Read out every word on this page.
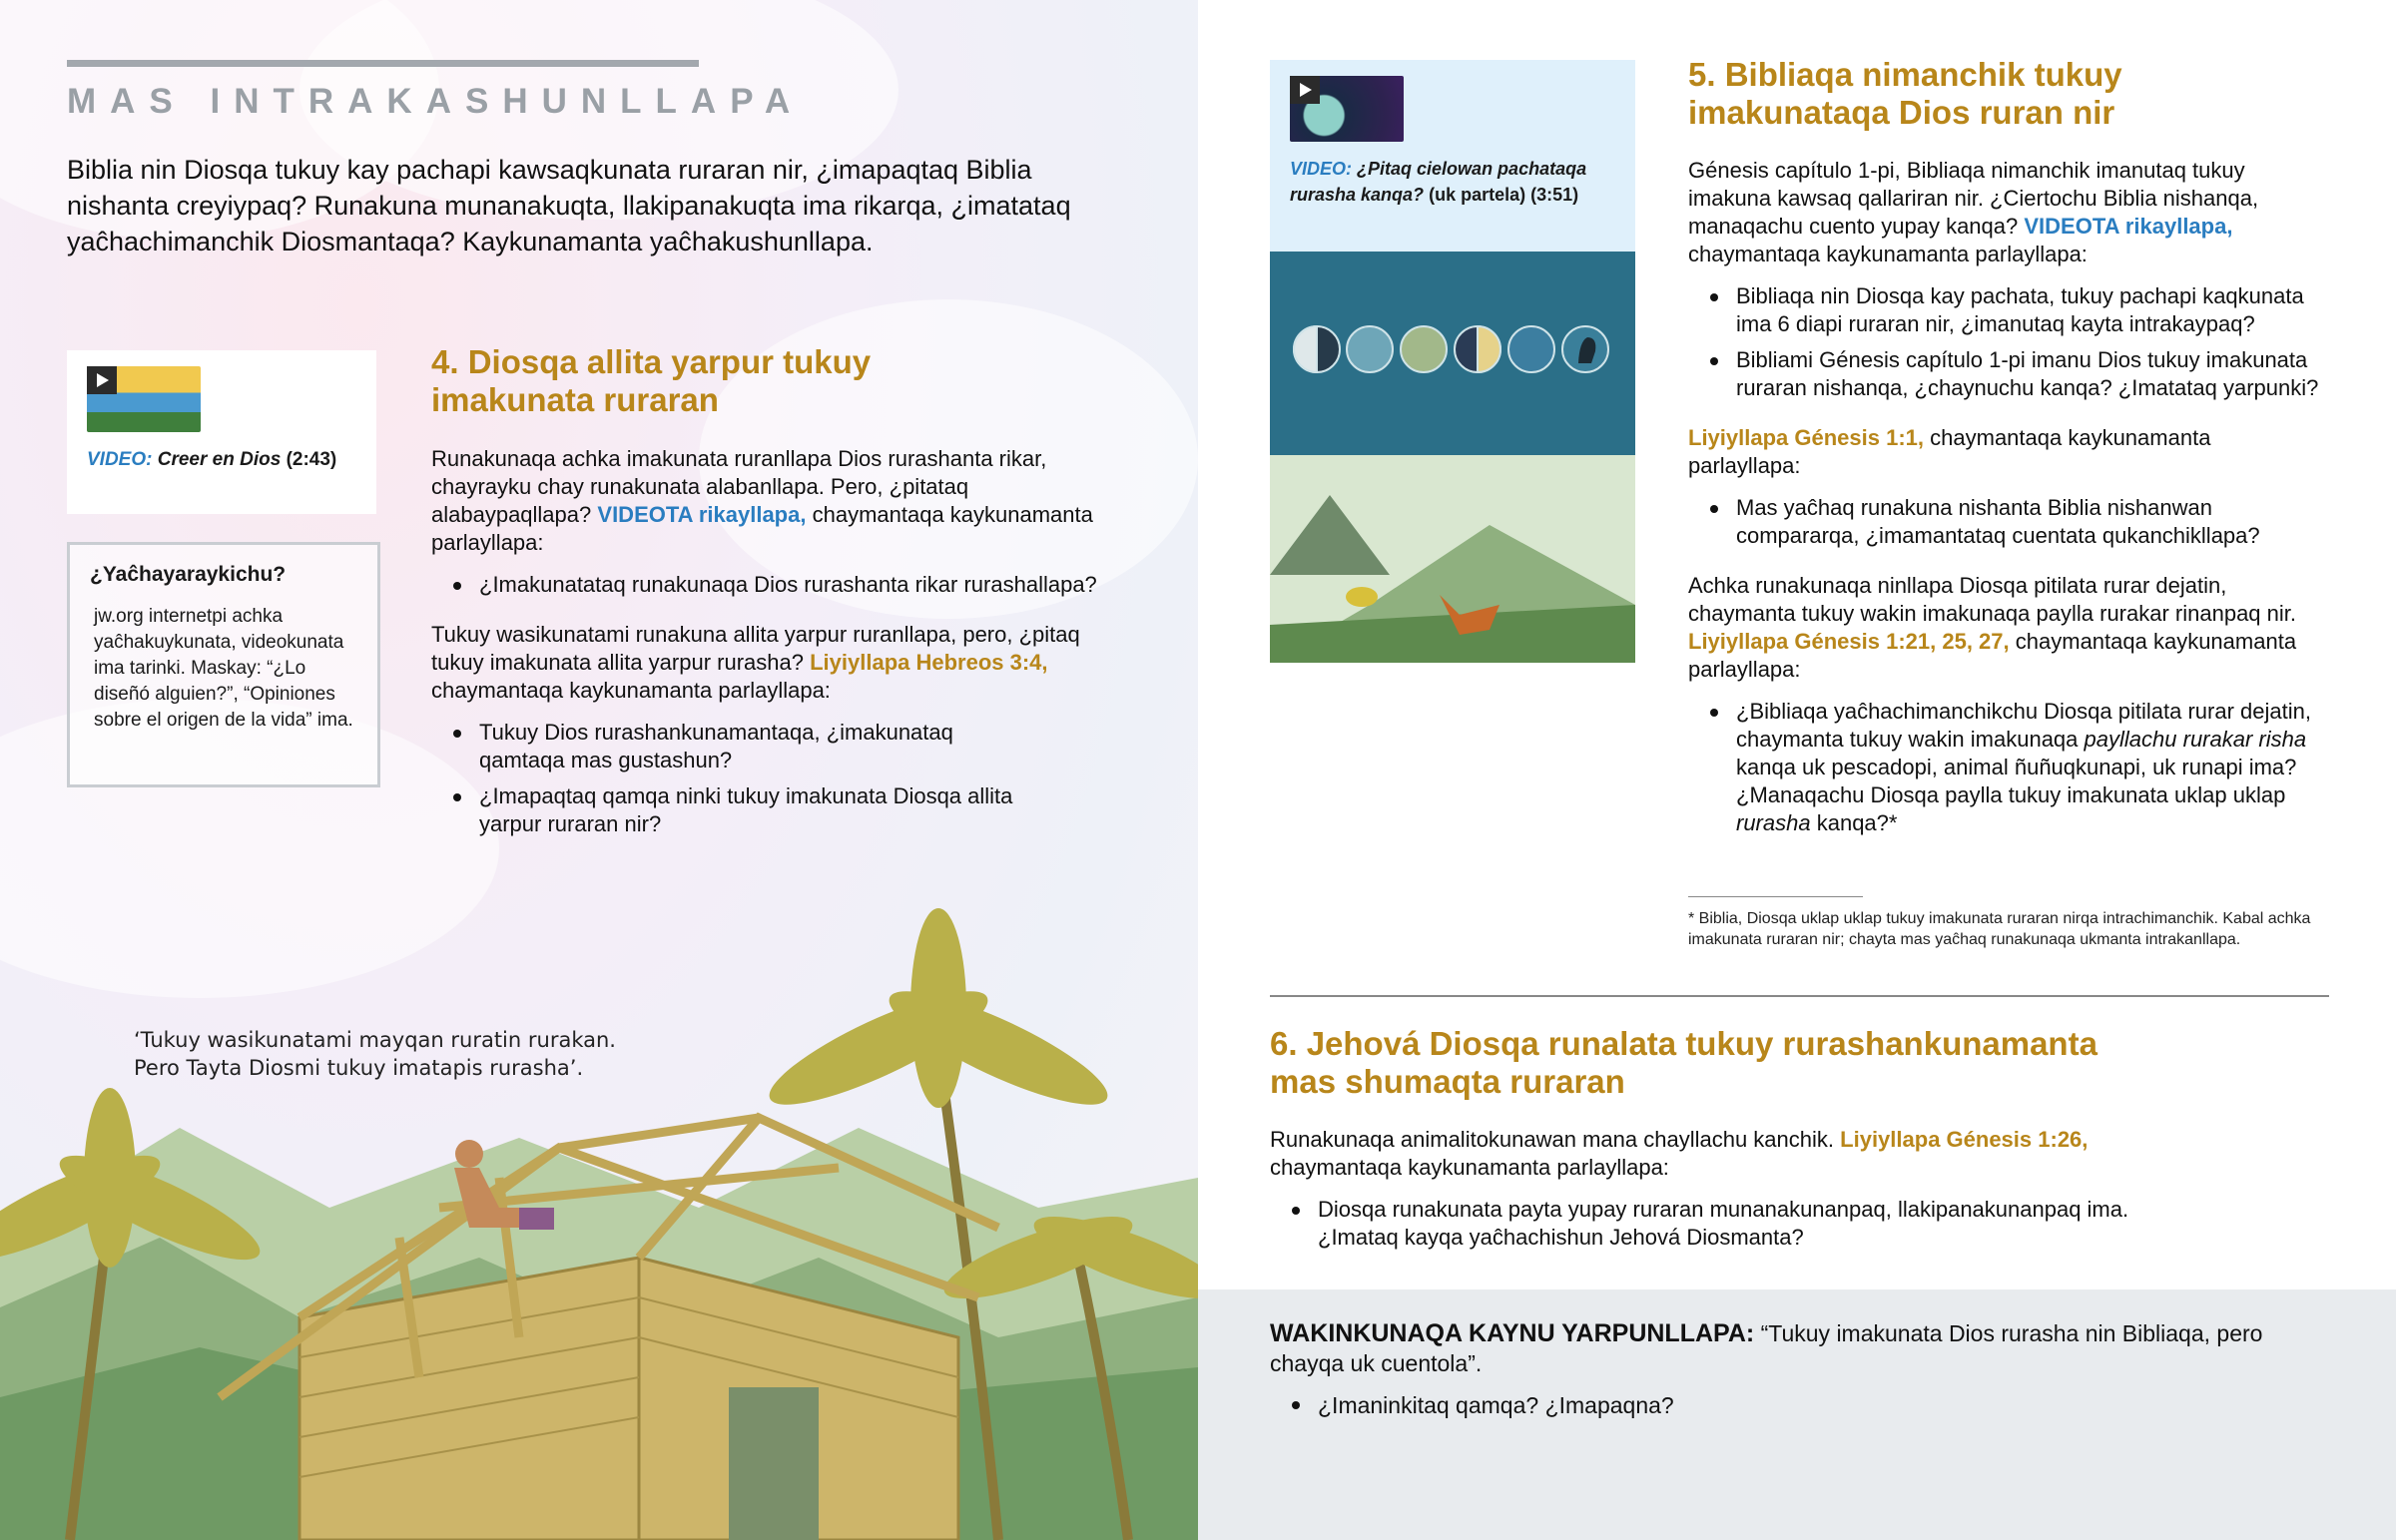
‘Tukuy wasikunatami mayqan ruratin rurakan.
Pero Tayta Diosmi tukuy imatapis rurasha’.
MAS INTRAKASHUNLLAPA
Biblia nin Diosqa tukuy kay pachapi kawsaqkunata ruraran nir, ¿imapaqtaq Biblia nishanta creyiypaq? Runakuna munanakuqta, llakipanakuqta ima rikarqa, ¿imatataq yaĉhachimanchik Diosmantaqa? Kaykunamanta yaĉhakushunllapa.
VIDEO: Creer en Dios (2:43)
¿Yaĉhayaraykichu?
jw.org internetpi achka yaĉhakuykunata, videokunata ima tarinki. Maskay: “¿Lo diseñó alguien?”, “Opiniones sobre el origen de la vida” ima.
4. Diosqa allita yarpur tukuy imakunata ruraran

Runakunaqa achka imakunata ruranllapa Dios rurashanta rikar, chayrayku chay runakunata alabanllapa. Pero, ¿pitataq alabaypaqllapa? VIDEOTA rikayllapa, chaymantaqa kaykunamanta parlayllapa:

¿Imakunatataq runakunaqa Dios rurashanta rikar rurashallapa?

Tukuy wasikunatami runakuna allita yarpur ruranllapa, pero, ¿pitaq tukuy imakunata allita yarpur rurasha? Liyiyllapa Hebreos 3:4, chaymantaqa kaykunamanta parlayllapa:

Tukuy Dios rurashankunamantaqa, ¿imakunataq qamtaqa mas gustashun?
¿Imapaqtaq qamqa ninki tukuy imakunata Diosqa allita yarpur ruraran nir?
VIDEO: ¿Pitaq cielowan pachataqa rurasha kanqa? (uk partela) (3:51)
5. Bibliaqa nimanchik tukuy imakunataqa Dios ruran nir

Génesis capítulo 1-pi, Bibliaqa nimanchik imanutaq tukuy imakuna kawsaq qallariran nir. ¿Ciertochu Biblia nishanqa, manaqachu cuento yupay kanqa? VIDEOTA rikayllapa, chaymantaqa kaykunamanta parlayllapa:

Bibliaqa nin Diosqa kay pachata, tukuy pachapi kaqkunata ima 6 diapi ruraran nir, ¿imanutaq kayta intrakaypaq?
Bibliami Génesis capítulo 1-pi imanu Dios tukuy imakunata ruraran nishanqa, ¿chaynuchu kanqa? ¿Imatataq yarpunki?

Liyiyllapa Génesis 1:1, chaymantaqa kaykunamanta parlayllapa:

Mas yaĉhaq runakuna nishanta Biblia nishanwan compararqa, ¿imamantataq cuentata qukanchikllapa?

Achka runakunaqa ninllapa Diosqa pitilata rurar dejatin, chaymanta tukuy wakin imakunaqa paylla rurakar rinanpaq nir. Liyiyllapa Génesis 1:21, 25, 27, chaymantaqa kaykunamanta parlayllapa:

¿Bibliaqa yaĉhachimanchikchu Diosqa pitilata rurar dejatin, chaymanta tukuy wakin imakunaqa payllachu rurakar risha kanqa uk pescadopi, animal ñuñuqkunapi, uk runapi ima? ¿Manaqachu Diosqa paylla tukuy imakunata uklap uklap rurasha kanqa?*
* Biblia, Diosqa uklap uklap tukuy imakunata ruraran nirqa intrachimanchik. Kabal achka imakunata ruraran nir; chayta mas yaĉhaq runakunaqa ukmanta intrakanllapa.
6. Jehová Diosqa runalata tukuy rurashankunamanta mas shumaqta ruraran

Runakunaqa animalitokunawan mana chayllachu kanchik. Liyiyllapa Génesis 1:26,
chaymantaqa kaykunamanta parlayllapa:

Diosqa runakunata payta yupay ruraran munanakunanpaq, llakipanakunanpaq ima. ¿Imataq kayqa yaĉhachishun Jehová Diosmanta?
WAKINKUNAQA KAYNU YARPUNLLAPA: “Tukuy imakunata Dios rurasha nin Bibliaqa, pero chayqa uk cuentola”.
¿Imaninkitaq qamqa? ¿Imapaqna?
